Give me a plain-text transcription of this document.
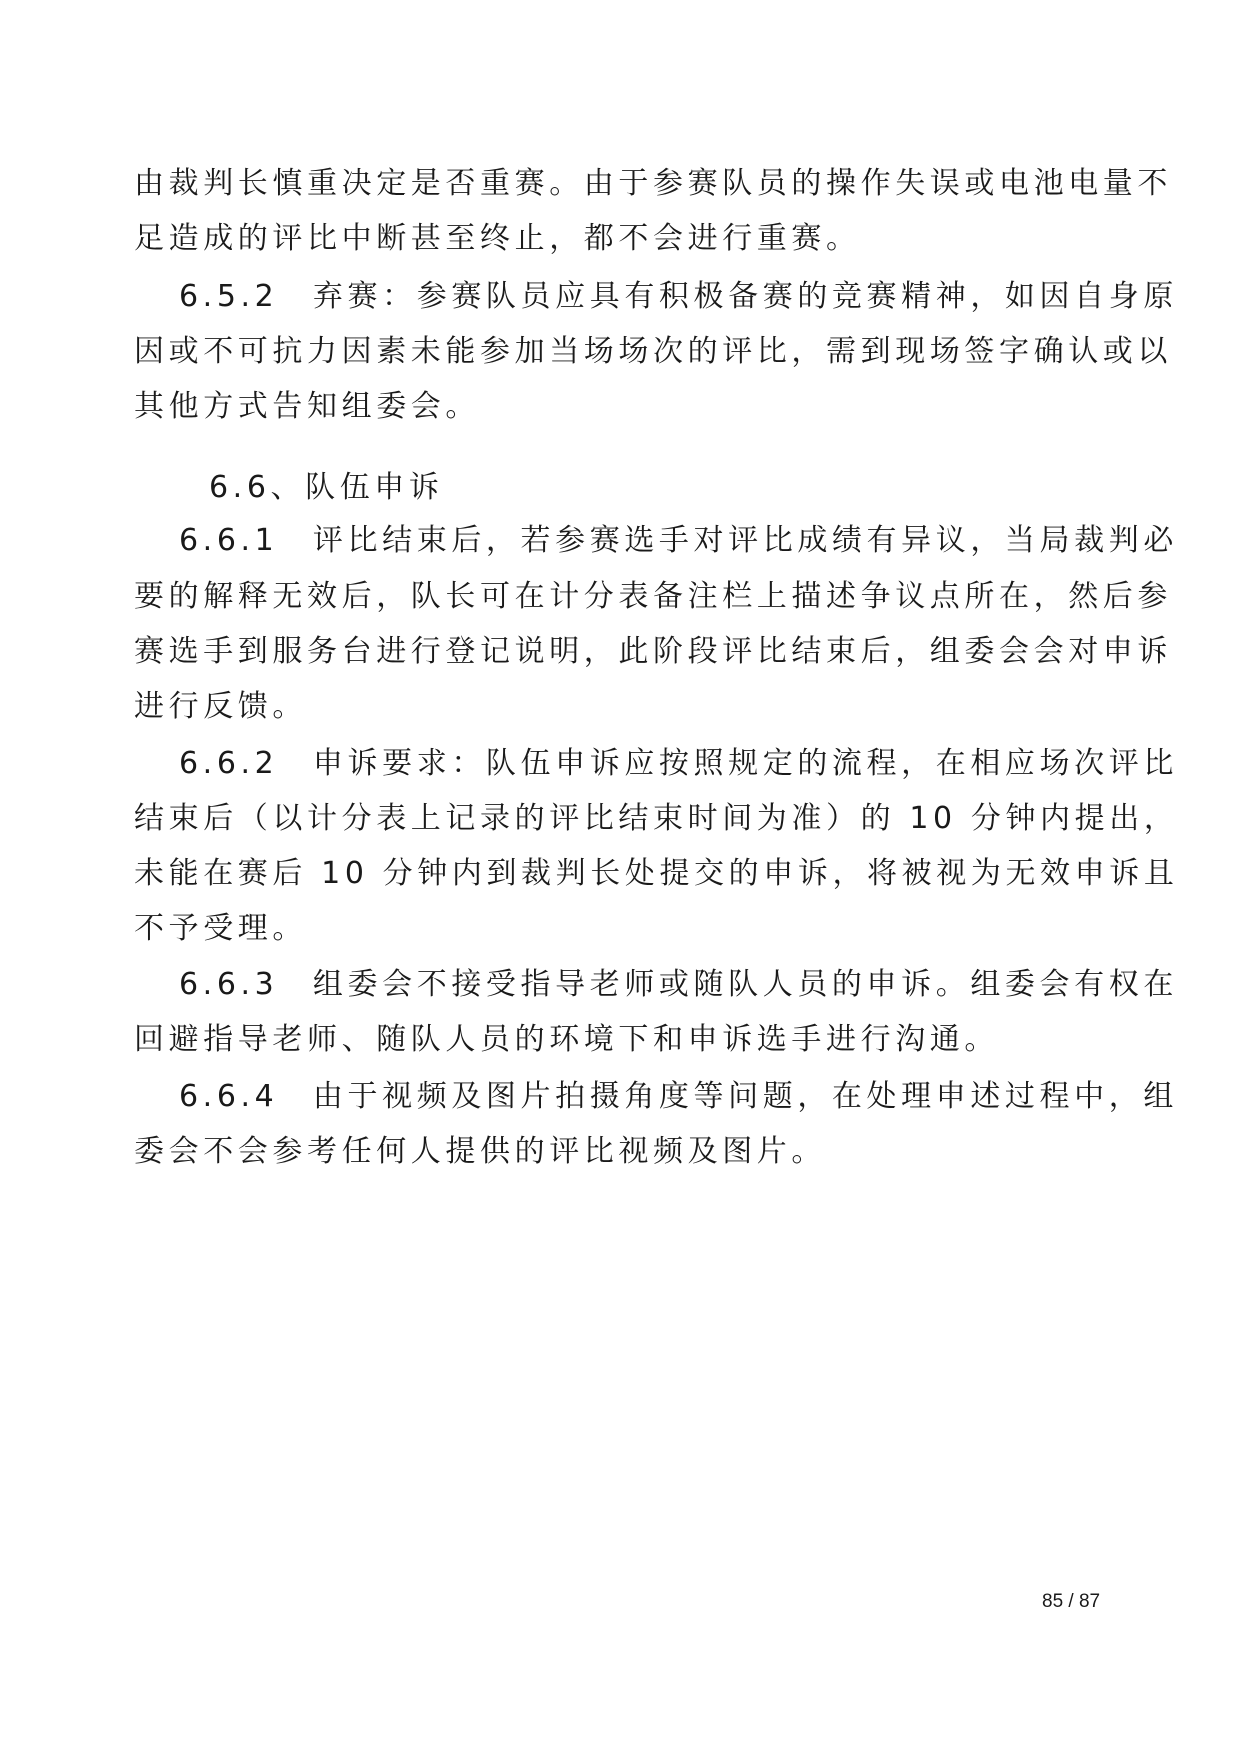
由裁判长慎重决定是否重赛。由于参赛队员的操作失误或电池电量不
足造成的评比中断甚至终止，都不会进行重赛。
6.5.2　弃赛：参赛队员应具有积极备赛的竞赛精神，如因自身原
因或不可抗力因素未能参加当场场次的评比，需到现场签字确认或以
其他方式告知组委会。
6.6、队伍申诉
6.6.1　评比结束后，若参赛选手对评比成绩有异议，当局裁判必
要的解释无效后，队长可在计分表备注栏上描述争议点所在，然后参
赛选手到服务台进行登记说明，此阶段评比结束后，组委会会对申诉
进行反馈。
6.6.2　申诉要求：队伍申诉应按照规定的流程，在相应场次评比
结束后（以计分表上记录的评比结束时间为准）的 10 分钟内提出，
未能在赛后 10 分钟内到裁判长处提交的申诉，将被视为无效申诉且
不予受理。
6.6.3　组委会不接受指导老师或随队人员的申诉。组委会有权在
回避指导老师、随队人员的环境下和申诉选手进行沟通。
6.6.4　由于视频及图片拍摄角度等问题，在处理申述过程中，组
委会不会参考任何人提供的评比视频及图片。
85 / 87
